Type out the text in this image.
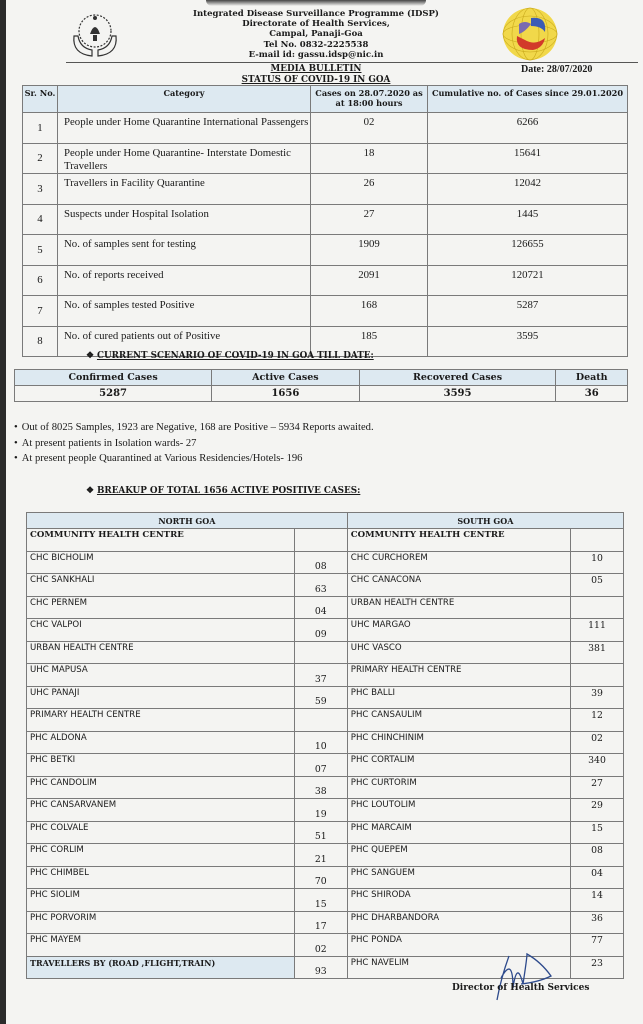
Integrated Disease Surveillance Programme (IDSP)
Directorate of Health Services,
Campal, Panaji-Goa
Tel No. 0832-2225538
E-mail id: gassu.idsp@nic.in
MEDIA BULLETIN
STATUS OF COVID-19 IN GOA
Date: 28/07/2020
Sr. No.	Category	Cases on 28.07.2020 as at 18:00 hours	Cumulative no. of Cases since 29.01.2020
1	People under Home Quarantine International Passengers	02	6266
2	People under Home Quarantine- Interstate Domestic Travellers	18	15641
3	Travellers in Facility Quarantine	26	12042
4	Suspects under Hospital Isolation	27	1445
5	No. of samples sent for testing	1909	126655
6	No. of reports received	2091	120721
7	No. of samples tested Positive	168	5287
8	No. of cured patients out of Positive	185	3595
❖ CURRENT SCENARIO OF COVID-19 IN GOA TILL DATE:
Confirmed Cases	Active Cases	Recovered Cases	Death
5287	1656	3595	36
• Out of 8025 Samples, 1923 are Negative, 168 are Positive – 5934 Reports awaited.
• At present patients in Isolation wards- 27
• At present people Quarantined at Various Residencies/Hotels- 196
❖ BREAKUP OF TOTAL 1656 ACTIVE POSITIVE CASES:
NORTH GOA		SOUTH GOA	
COMMUNITY HEALTH CENTRE		COMMUNITY HEALTH CENTRE	
CHC BICHOLIM	08	CHC CURCHOREM	10
CHC SANKHALI	63	CHC CANACONA	05
CHC PERNEM	04	URBAN HEALTH CENTRE	
CHC VALPOI	09	UHC MARGAO	111
URBAN HEALTH CENTRE		UHC VASCO	381
UHC MAPUSA	37	PRIMARY HEALTH CENTRE	
UHC PANAJI	59	PHC BALLI	39
PRIMARY HEALTH CENTRE		PHC CANSAULIM	12
PHC ALDONA	10	PHC CHINCHINIM	02
PHC BETKI	07	PHC CORTALIM	340
PHC CANDOLIM	38	PHC CURTORIM	27
PHC CANSARVANEM	19	PHC LOUTOLIM	29
PHC COLVALE	51	PHC MARCAIM	15
PHC CORLIM	21	PHC QUEPEM	08
PHC CHIMBEL	70	PHC SANGUEM	04
PHC SIOLIM	15	PHC SHIRODA	14
PHC PORVORIM	17	PHC DHARBANDORA	36
PHC MAYEM	02	PHC PONDA	77
TRAVELLERS BY (ROAD ,FLIGHT,TRAIN)	93	PHC NAVELIM	23
Director of Health Services
